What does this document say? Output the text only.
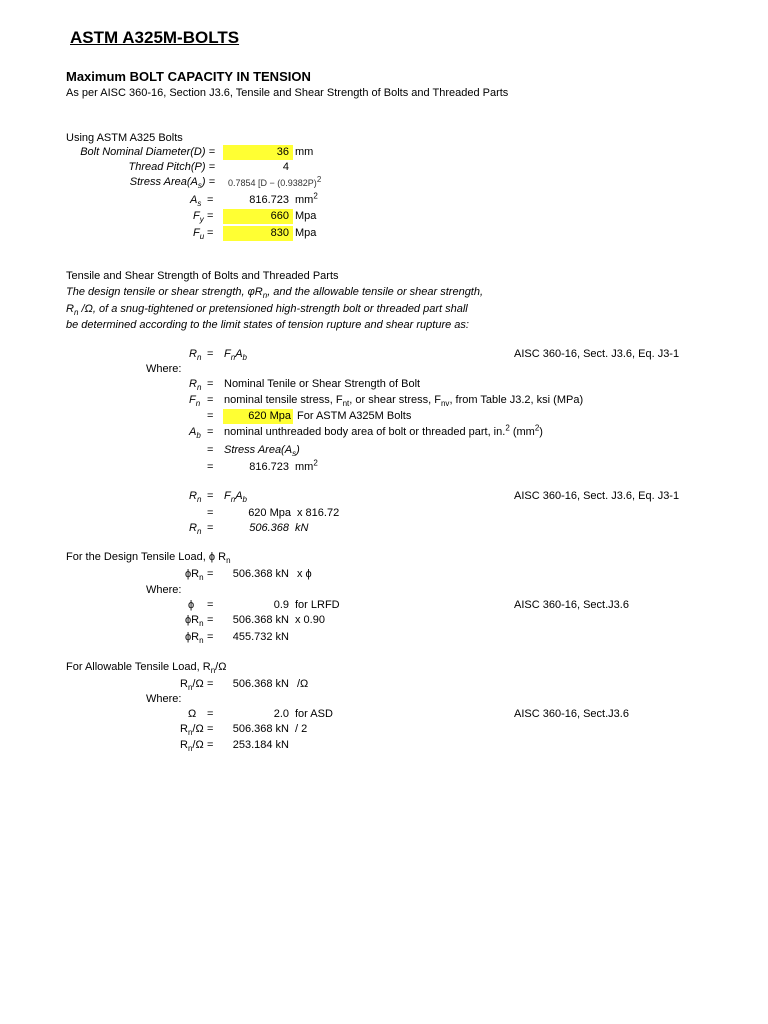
ASTM A325M-BOLTS
Maximum BOLT CAPACITY IN TENSION
As per AISC 360-16, Section J3.6, Tensile and Shear Strength of Bolts and Threaded Parts
Using ASTM A325 Bolts
Bolt Nominal Diameter(D) =	36 mm
Thread Pitch(P) =	4
Stress $Area(A_s) = 0.7854$ [$D - (0.9382P)^2$
$A_s$ =	816.723 $mm^2$
$F_y$ =	660 Mpa
$F_u$ =	830 Mpa
Tensile and Shear Strength of Bolts and Threaded Parts
The design tensile or shear strength, $\varphi R_n$, and the allowable tensile or shear strength,
$R_n$ /Ω, of a snug-tightened or pretensioned high-strength bolt or threaded part shall
be determined according to the limit states of tension rupture and shear rupture as:
$R_n = F_nA_b$	AISC 360-16, Sect. J3.6, Eq. J3-1
Where:
$R_n$ = Nominal Tenile or Shear Strength of Bolt
$F_n$ = nominal tensile stress, $F_{nt}$, or shear stress, $F_{nv}$, from Table J3.2, ksi (MPa)
=	620 Mpa For ASTM A325M Bolts
$A_b$ = nominal unthreaded body area of bolt or threaded part, in.$^2$ $(mm^2)$
= Stress $Area(A_s)$
=	816.723 $mm^2$
$R_n = F_nA_b$	AISC 360-16, Sect. J3.6, Eq. J3-1
=	620 Mpa x 816.72
$R_n$ =	506.368 kN
For the Design Tensile Load, ϕ $R_n$
$\phi R_n$ =	506.368 kN x ϕ
Where:
ϕ =	0.9 for LRFD	AISC 360-16, Sect.J3.6
$\phi R_n$ =	506.368 kN x 0.90
$\phi R_n$ =	455.732 kN
For Allowable Tensile Load, $R_n/\Omega$
$R_n/\Omega$ =	506.368 kN /Ω
Where:
Ω =	2.0 for ASD	AISC 360-16, Sect.J3.6
$R_n/\Omega$ =	506.368 kN / 2
$R_n/\Omega$ =	253.184 kN
